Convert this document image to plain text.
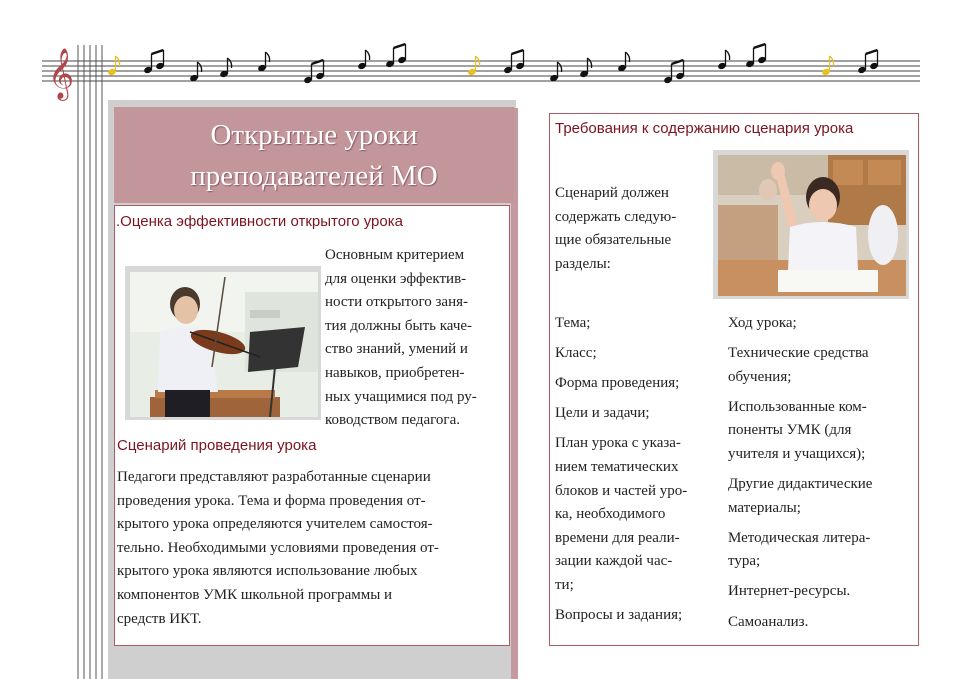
𝄞
Открытые уроки
преподавателей МО
.Оценка эффективности открытого урока
Основным критерием
для оценки эффектив-
ности открытого заня-
тия должны быть каче-
ство знаний, умений и
навыков, приобретен-
ных учащимися под ру-
ководством педагога.
Сценарий проведения урока
Педагоги представляют разработанные сценарии
проведения урока. Тема и форма проведения от-
крытого урока определяются учителем самостоя-
тельно. Необходимыми условиями проведения от-
крытого урока являются использование любых
компонентов УМК школьной программы и
средств ИКТ.
Требования к содержанию сценария урока
Сценарий должен
содержать следую-
щие обязательные
разделы:

Тема;

Класс;

Форма проведения;

Цели и задачи;

План урока с указа-
нием тематических
блоков и частей уро-
ка, необходимого
времени для реали-
зации каждой час-
ти;

Вопросы и задания;

Ход урока;

Технические средства
обучения;

Использованные ком-
поненты УМК (для
учителя и учащихся);

Другие дидактические
материалы;

Методическая литера-
тура;

Интернет-ресурсы.

Самоанализ.
